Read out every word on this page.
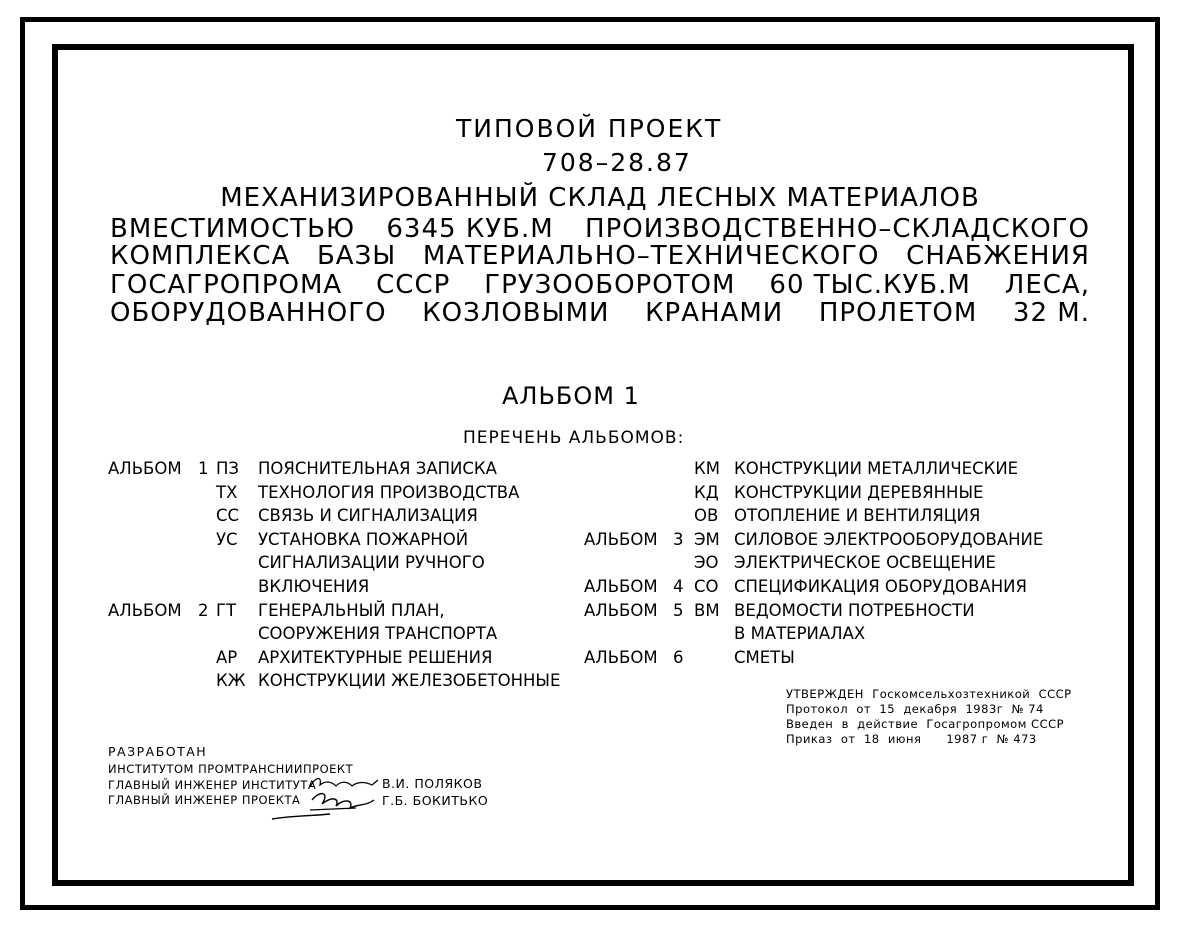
ТИПОВОЙ ПРОЕКТ
708–28.87
МЕХАНИЗИРОВАННЫЙ СКЛАД ЛЕСНЫХ МАТЕРИАЛОВ
ВМЕСТИМОСТЬЮ 6345 КУБ.М ПРОИЗВОДСТВЕННО–СКЛАДСКОГО
КОМПЛЕКСА БАЗЫ МАТЕРИАЛЬНО–ТЕХНИЧЕСКОГО СНАБЖЕНИЯ
ГОСАГРОПРОМА СССР ГРУЗООБОРОТОМ 60 ТЫС.КУБ.М ЛЕСА,
ОБОРУДОВАННОГО КОЗЛОВЫМИ КРАНАМИ ПРОЛЕТОМ 32 М.
АЛЬБОМ 1
ПЕРЕЧЕНЬ АЛЬБОМОВ:
АЛЬБОМ 1 ПЗ ПОЯСНИТЕЛЬНАЯ ЗАПИСКА
ТХ ТЕХНОЛОГИЯ ПРОИЗВОДСТВА
СС СВЯЗЬ И СИГНАЛИЗАЦИЯ
УС УСТАНОВКА ПОЖАРНОЙ
СИГНАЛИЗАЦИИ РУЧНОГО
ВКЛЮЧЕНИЯ
АЛЬБОМ 2 ГТ ГЕНЕРАЛЬНЫЙ ПЛАН,
СООРУЖЕНИЯ ТРАНСПОРТА
АР АРХИТЕКТУРНЫЕ РЕШЕНИЯ
КЖ КОНСТРУКЦИИ ЖЕЛЕЗОБЕТОННЫЕ
КМ КОНСТРУКЦИИ МЕТАЛЛИЧЕСКИЕ
КД КОНСТРУКЦИИ ДЕРЕВЯННЫЕ
ОВ ОТОПЛЕНИЕ И ВЕНТИЛЯЦИЯ
АЛЬБОМ 3 ЭМ СИЛОВОЕ ЭЛЕКТРООБОРУДОВАНИЕ
ЭО ЭЛЕКТРИЧЕСКОЕ ОСВЕЩЕНИЕ
АЛЬБОМ 4 СО СПЕЦИФИКАЦИЯ ОБОРУДОВАНИЯ
АЛЬБОМ 5 ВМ ВЕДОМОСТИ ПОТРЕБНОСТИ
В МАТЕРИАЛАХ
АЛЬБОМ 6	СМЕТЫ
УТВЕРЖДЕН  Госкомсельхозтехникой  СССР
Протокол  от  15  декабря  1983г  № 74
Введен  в  действие  Госагропромом СССР
Приказ  от  18  июня      1987 г  № 473
РАЗРАБОТАН
ИНСТИТУТОМ ПРОМТРАНСНИИПРОЕКТ
ГЛАВНЫЙ ИНЖЕНЕР ИНСТИТУТА	В.И. ПОЛЯКОВ
ГЛАВНЫЙ ИНЖЕНЕР ПРОЕКТА	Г.Б. БОКИТЬКО
